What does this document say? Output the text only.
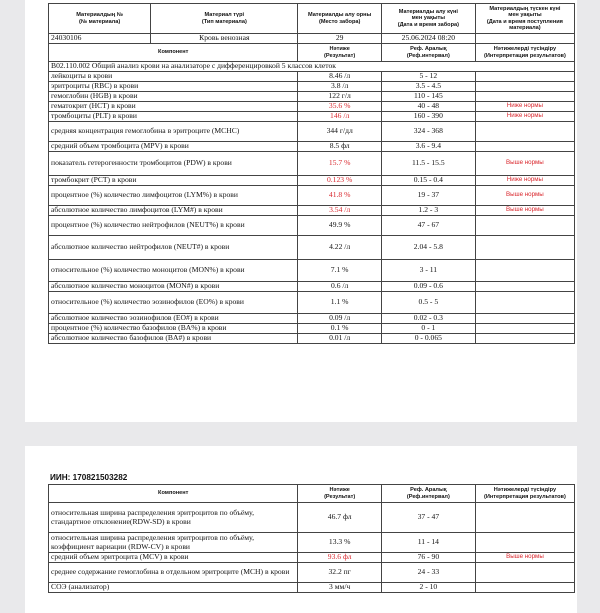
Материалдың №
(№ материала)	Материал түрі
(Тип материала)	Материалды алу орны
(Место забора)	Материалды алу күні
мен уақыты
(Дата и время забора)	Материалдың түскен күні
мен уақыты
(Дата и время поступления
материала)
24030106	Кровь венозная	29	25.06.2024 08:20	
Компонент		Нәтиже
(Результат)	Реф. Аралық
(Реф.интервал)	Нәтижелерді түсіндіру
(Интерпретация результатов)
B02.110.002 Общий анализ крови на анализаторе с дифференцировкой 5 классов клеток				
лейкоциты в крови		8.46 /л	5 - 12	
эритроциты (RBC) в крови		3.8 /л	3.5 - 4.5	
гемоглобин (HGB) в крови		122 г/л	110 - 145	
гематокрит (HCT) в крови		35.6 %	40 - 48	Ниже нормы
тромбоциты (PLT) в крови		146 /л	160 - 390	Ниже нормы
средняя концентрация гемоглобина в эритроците (MCHC)		344 г/дл	324 - 368	
средний объем тромбоцита (MPV) в крови		8.5 фл	3.6 - 9.4	
показатель гетерогенности тромбоцитов (PDW) в крови		15.7 %	11.5 - 15.5	Выше нормы
тромбокрит (PCT) в крови		0.123 %	0.15 - 0.4	Ниже нормы
процентное (%) количество лимфоцитов (LYM%) в крови		41.8 %	19 - 37	Выше нормы
абсолютное количество лимфоцитов (LYM#) в крови		3.54 /л	1.2 - 3	Выше нормы
процентное (%) количество нейтрофилов (NEUT%) в крови		49.9 %	47 - 67	
абсолютное количество нейтрофилов (NEUT#) в крови		4.22 /л	2.04 - 5.8	
относительное (%) количество моноцитов (MON%) в крови		7.1 %	3 - 11	
абсолютное количество моноцитов (MON#) в крови		0.6 /л	0.09 - 0.6	
относительное (%) количество эозинофилов (EO%) в крови		1.1 %	0.5 - 5	
абсолютное количество эозинофилов (EO#) в крови		0.09 /л	0.02 - 0.3	
процентное (%) количество базофилов (BA%) в крови		0.1 %	0 - 1	
абсолютное количество базофилов (BA#) в крови		0.01 /л	0 - 0.065	
ИИН: 170821503282
Компонент	Нәтиже
(Результат)	Реф. Аралық
(Реф.интервал)	Нәтижелерді түсіндіру
(Интерпретация результатов)
относительная ширина распределения эритроцитов по объёму, стандартное отклонение(RDW-SD) в крови	46.7 фл	37 - 47	
относительная ширина распределения эритроцитов по объёму, коэффициент вариации (RDW-CV) в крови	13.3 %	11 - 14	
средний объем эритроцита (MCV) в крови	93.6 фл	76 - 90	Выше нормы
среднее содержание гемоглобина в отдельном эритроците (MCH) в крови	32.2 пг	24 - 33	
СОЭ (анализатор)	3 мм/ч	2 - 10	
